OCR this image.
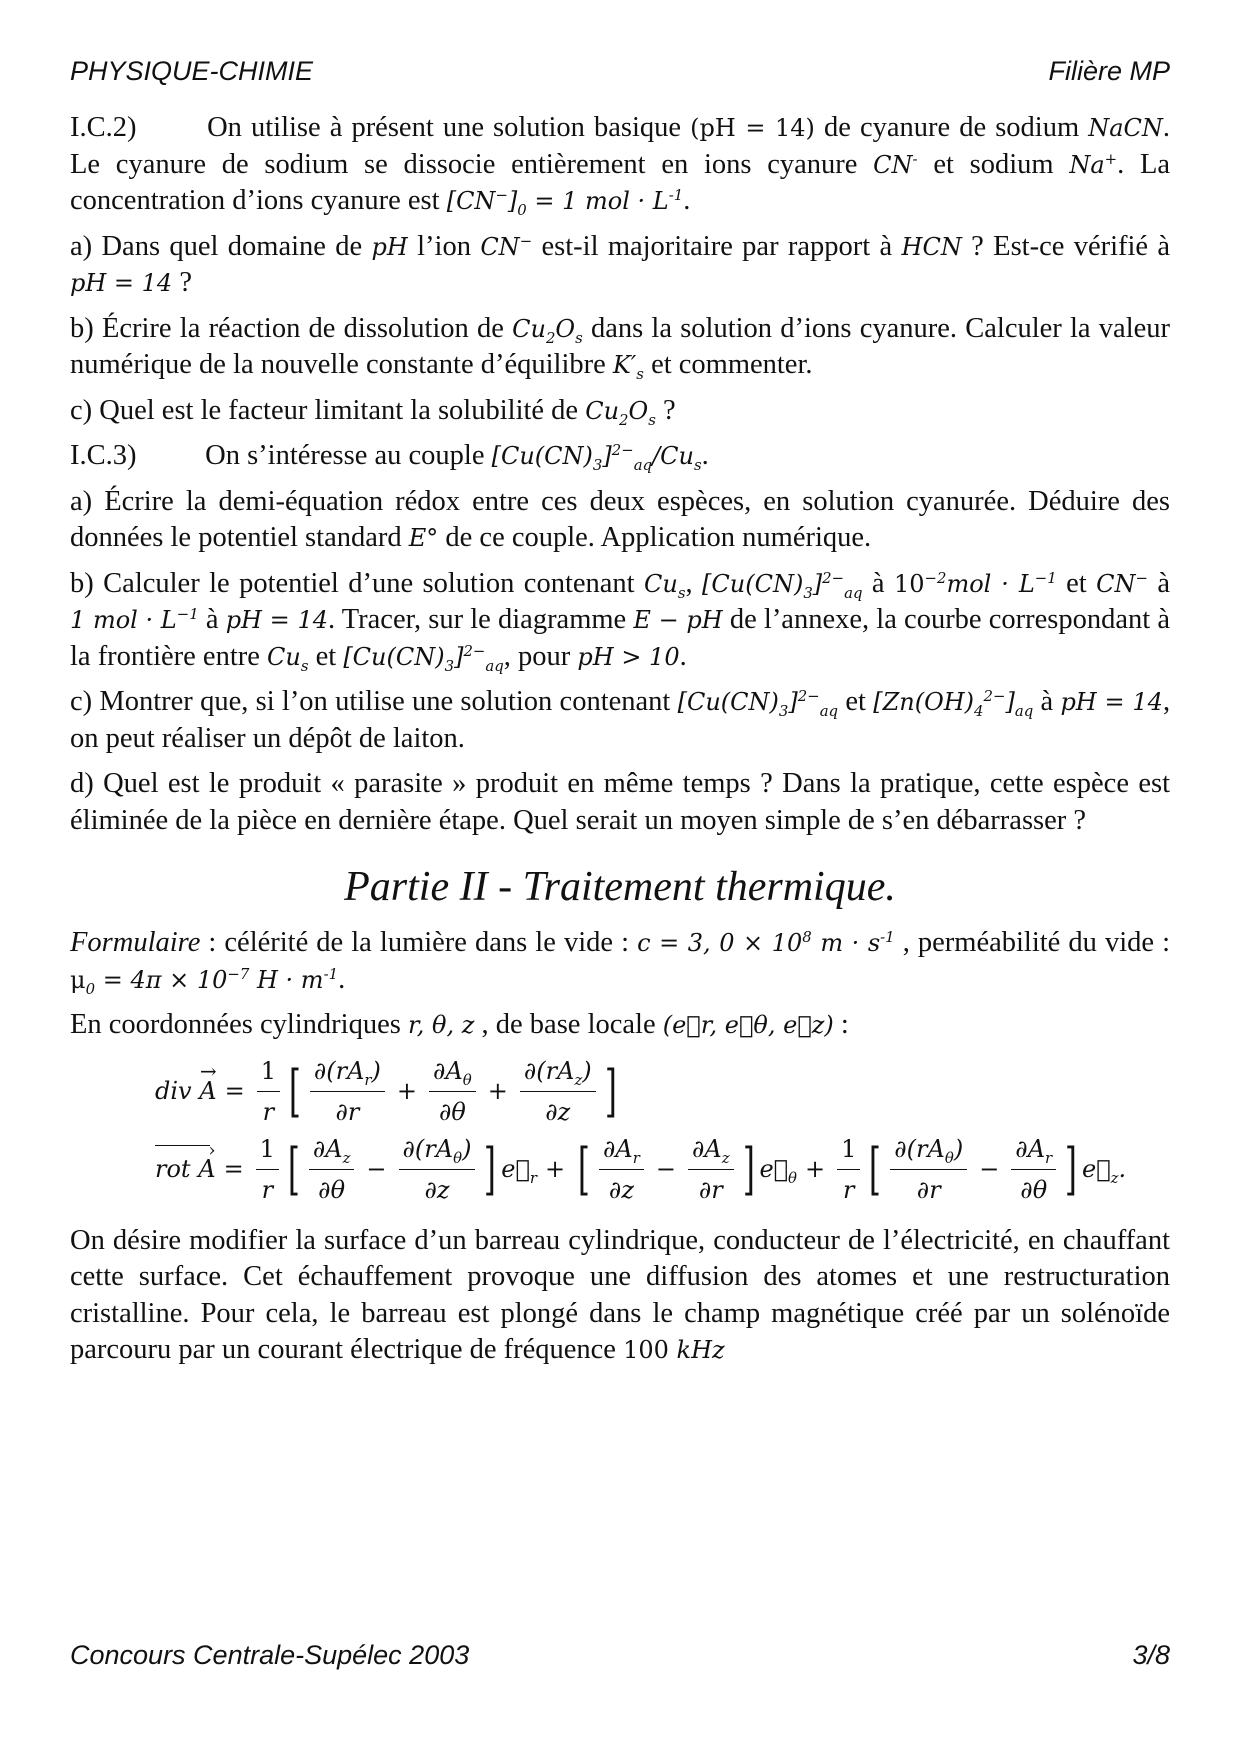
PHYSIQUE-CHIMIE	Filière MP

I.C.2) On utilise à présent une solution basique (pH = 14) de cyanure de sodium NaCN. Le cyanure de sodium se dissocie entièrement en ions cyanure CN- et sodium Na+. La concentration d’ions cyanure est $[CN^-]_0 = 1$ mol · $L^{-1}$.

a) Dans quel domaine de pH l’ion CN− est-il majoritaire par rapport à HCN ? Est-ce vérifié à pH = 14 ?

b) Écrire la réaction de dissolution de $Cu_2O_s$ dans la solution d’ions cyanure. Calculer la valeur numérique de la nouvelle constante d’équilibre $K'_s$ et commenter.

c) Quel est le facteur limitant la solubilité de $Cu_2O_s$ ?

I.C.3) On s’intéresse au couple $[Cu(CN)_3]^{2-}_{aq}/Cu_s$.

a) Écrire la demi-équation rédox entre ces deux espèces, en solution cyanurée. Déduire des données le potentiel standard E° de ce couple. Application numérique.

b) Calculer le potentiel d’une solution contenant $Cu_s$, $[Cu(CN)_3]^{2-}_{aq}$ à $10^{-2}mol \cdot L^{-1}$ et CN− à 1 mol · $L^{-1}$ à pH = 14. Tracer, sur le diagramme E − pH de l’annexe, la courbe correspondant à la frontière entre $Cu_s$ et $[Cu(CN)_3]^{2-}_{aq}$, pour pH > 10.

c) Montrer que, si l’on utilise une solution contenant $[Cu(CN)_3]^{2-}_{aq}$ et $[Zn(OH)_4^{2-}]_{aq}$ à pH = 14, on peut réaliser un dépôt de laiton.

d) Quel est le produit « parasite » produit en même temps ? Dans la pratique, cette espèce est éliminée de la pièce en dernière étape. Quel serait un moyen simple de s’en débarrasser ?

Partie II - Traitement thermique.

Formulaire : célérité de la lumière dans le vide : c = 3, $0 \times 10^8$ $m \cdot s^{-1}$ , perméabilité du vide : $\mu_0 = 4\pi \times 10^{-7}$ $H \cdot m^{-1}$.

En coordonnées cylindriques r, θ, z , de base locale (e⃗r, e⃗θ, e⃗z) :

div

→ $A = \frac{1}{r}$ [ $\frac{\partial(rA_r)}{\partial r} + \frac{\partial A_\theta}{\partial\theta} + \frac{\partial(rA_z)}{\partial z}$ ]
rot A › = $\frac{1}{r}$ [ $\frac{\partial A_z}{\partial\theta} - \frac{\partial(rA_\theta)}{\partial z}$ ] $e⃗_r$ + [ $\frac{\partial A_r}{\partial z} - \frac{\partial A_z}{\partial r}$ ] $e⃗_\theta + \frac{1}{r}$ [ $\frac{\partial(rA_\theta)}{\partial r} - \frac{\partial A_r}{\partial\theta}$ ] $e⃗_z$ .

On désire modifier la surface d’un barreau cylindrique, conducteur de l’électricité, en chauffant cette surface. Cet échauffement provoque une diffusion des atomes et une restructuration cristalline. Pour cela, le barreau est plongé dans le champ magnétique créé par un solénoïde parcouru par un courant électrique de fréquence 100 kHz

Concours Centrale-Supélec 2003	3/8
